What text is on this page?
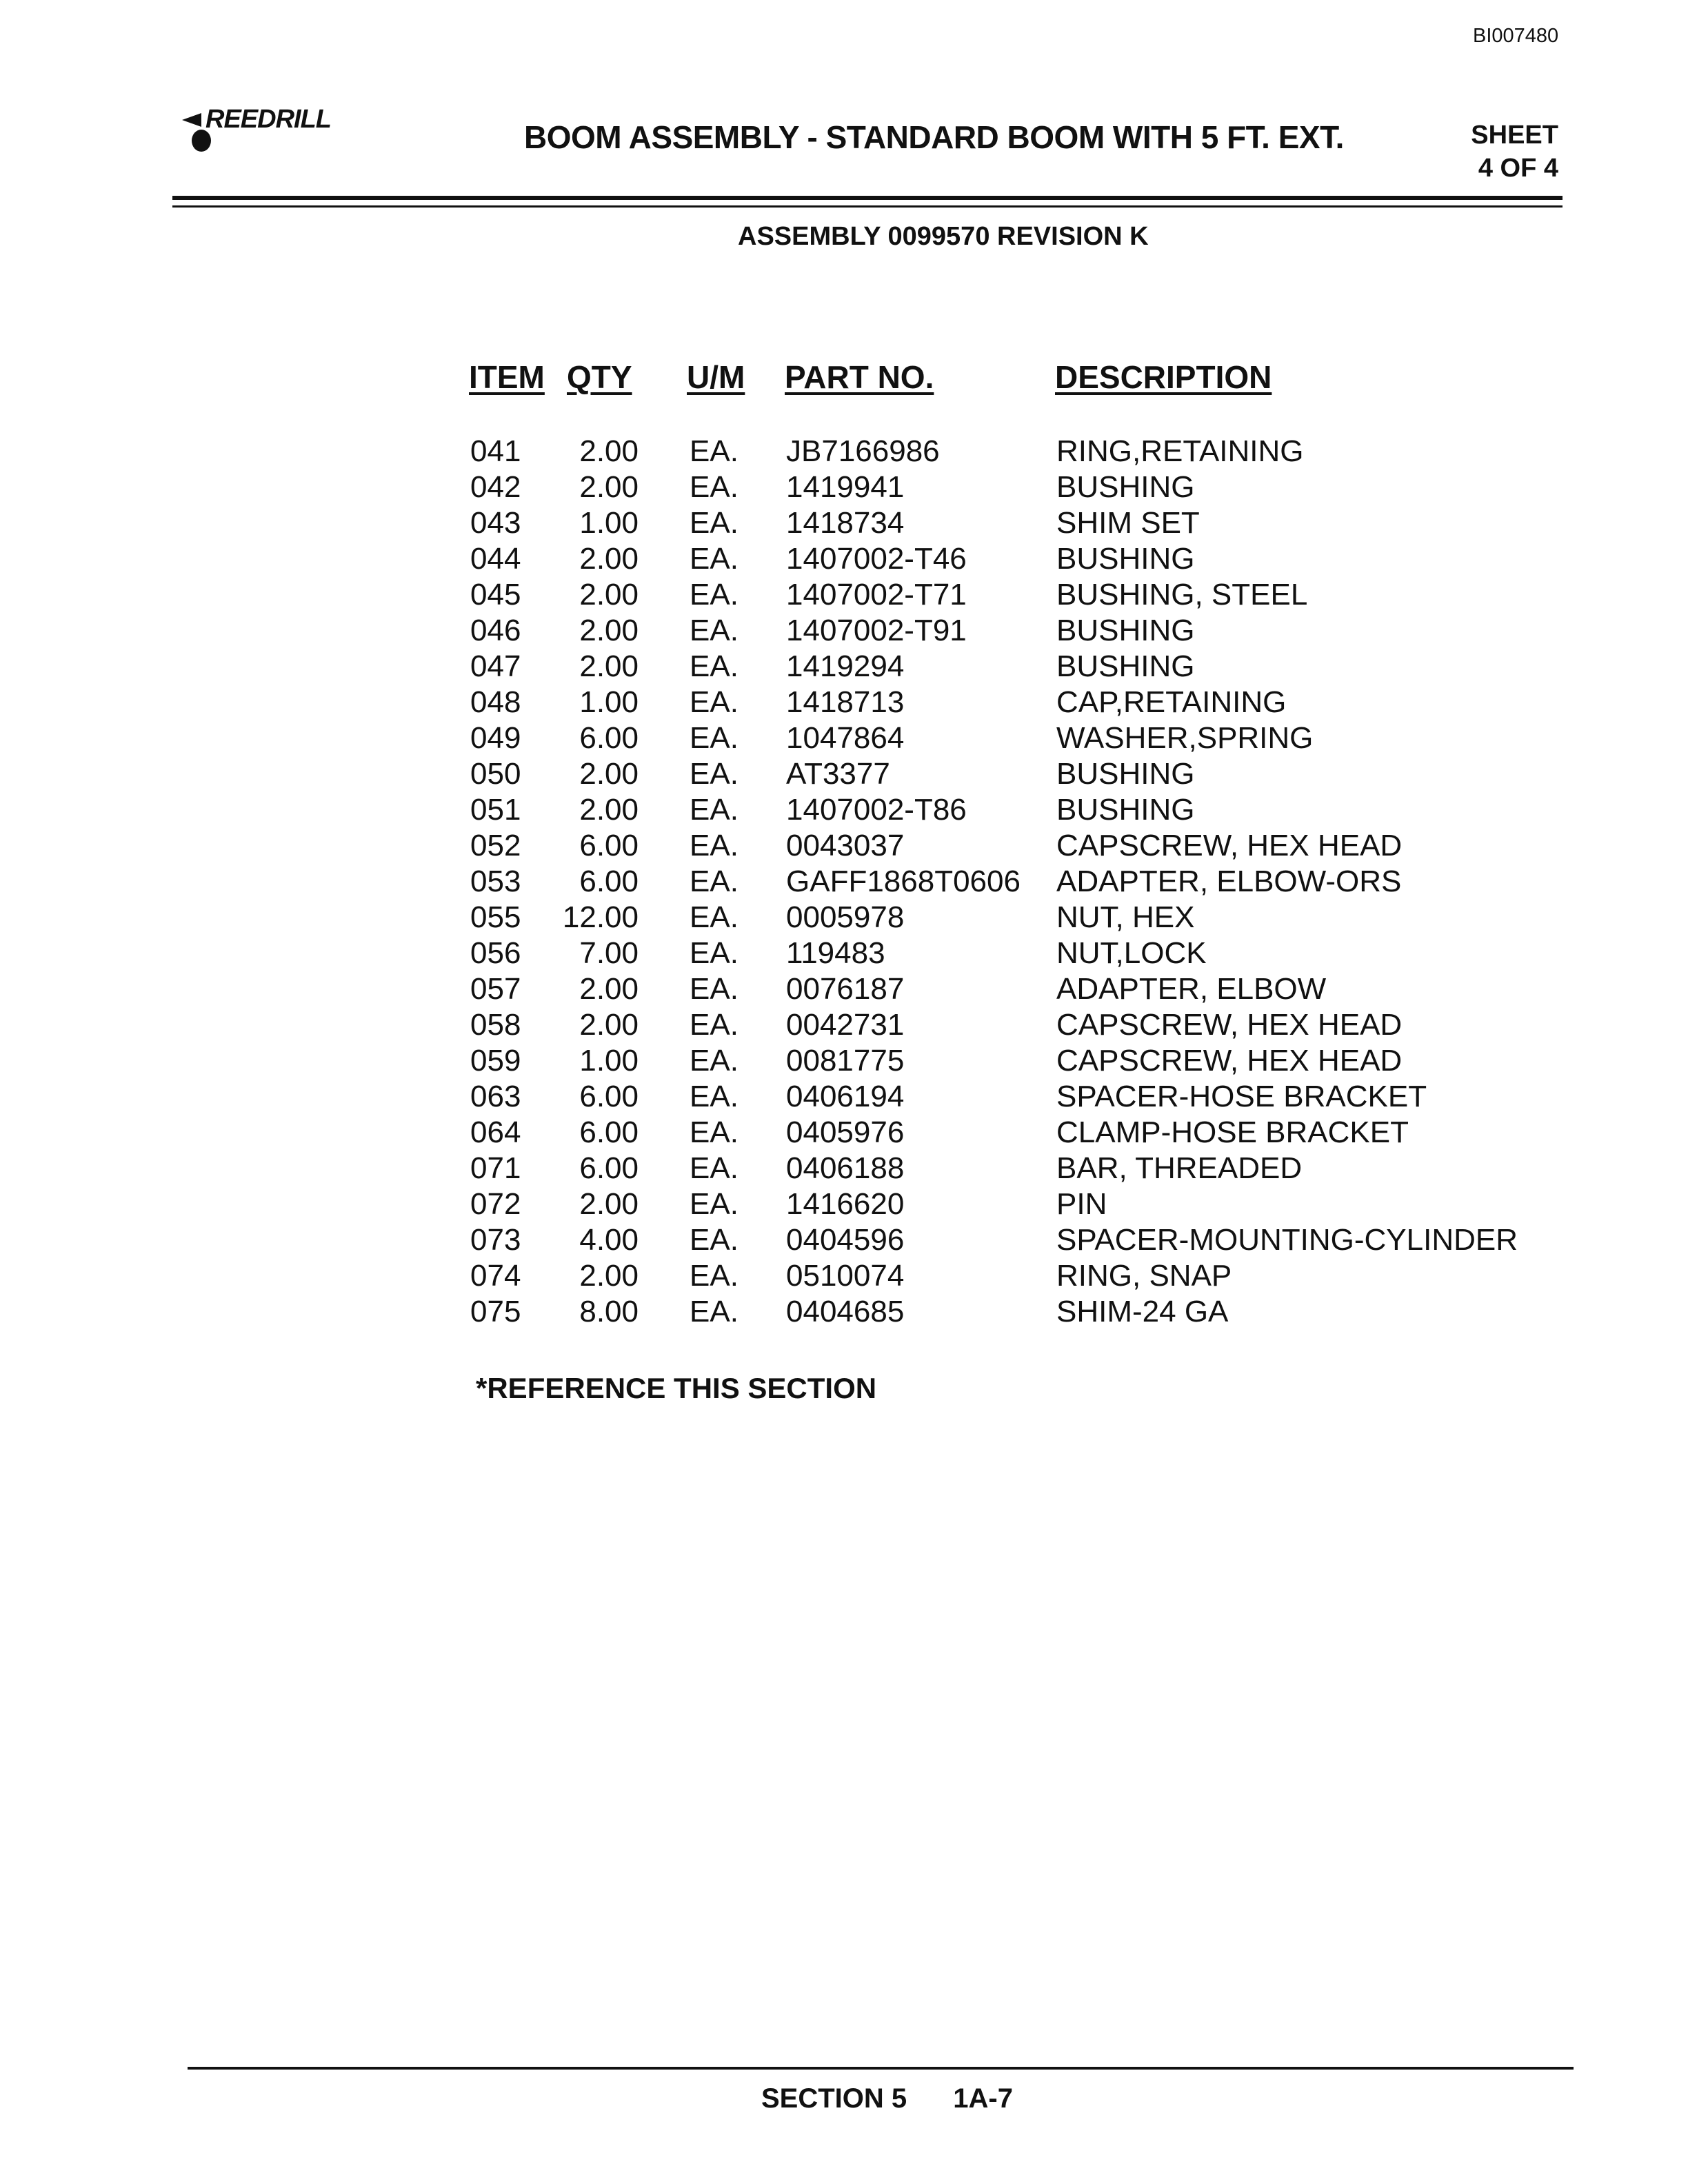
BI007480
REEDRILL	BOOM ASSEMBLY - STANDARD BOOM WITH 5 FT. EXT.	SHEET
4 OF 4
ASSEMBLY 0099570 REVISION K
ITEM QTY U/M PART NO.	DESCRIPTION
041	2.00 EA. JB7166986	RING,RETAINING
042	2.00 EA. 1419941	BUSHING
043	1.00 EA. 1418734	SHIM SET
044	2.00 EA. 1407002-T46	BUSHING
045	2.00 EA. 1407002-T71	BUSHING, STEEL
046	2.00 EA. 1407002-T91	BUSHING
047	2.00 EA. 1419294	BUSHING
048	1.00 EA. 1418713	CAP,RETAINING
049	6.00 EA. 1047864	WASHER,SPRING
050	2.00 EA. AT3377	BUSHING
051	2.00 EA. 1407002-T86	BUSHING
052	6.00 EA. 0043037	CAPSCREW, HEX HEAD
053	6.00 EA. GAFF1868T0606 ADAPTER, ELBOW-ORS
055 12.00 EA. 0005978	NUT, HEX
056	7.00 EA. 119483	NUT,LOCK
057	2.00 EA. 0076187	ADAPTER, ELBOW
058	2.00 EA. 0042731	CAPSCREW, HEX HEAD
059	1.00 EA. 0081775	CAPSCREW, HEX HEAD
063	6.00 EA. 0406194	SPACER-HOSE BRACKET
064	6.00 EA. 0405976	CLAMP-HOSE BRACKET
071	6.00 EA. 0406188	BAR, THREADED
072	2.00 EA. 1416620	PIN
073	4.00 EA. 0404596	SPACER-MOUNTING-CYLINDER
074	2.00 EA. 0510074	RING, SNAP
075	8.00 EA. 0404685	SHIM-24 GA
*REFERENCE THIS SECTION
SECTION 5 1A-7
